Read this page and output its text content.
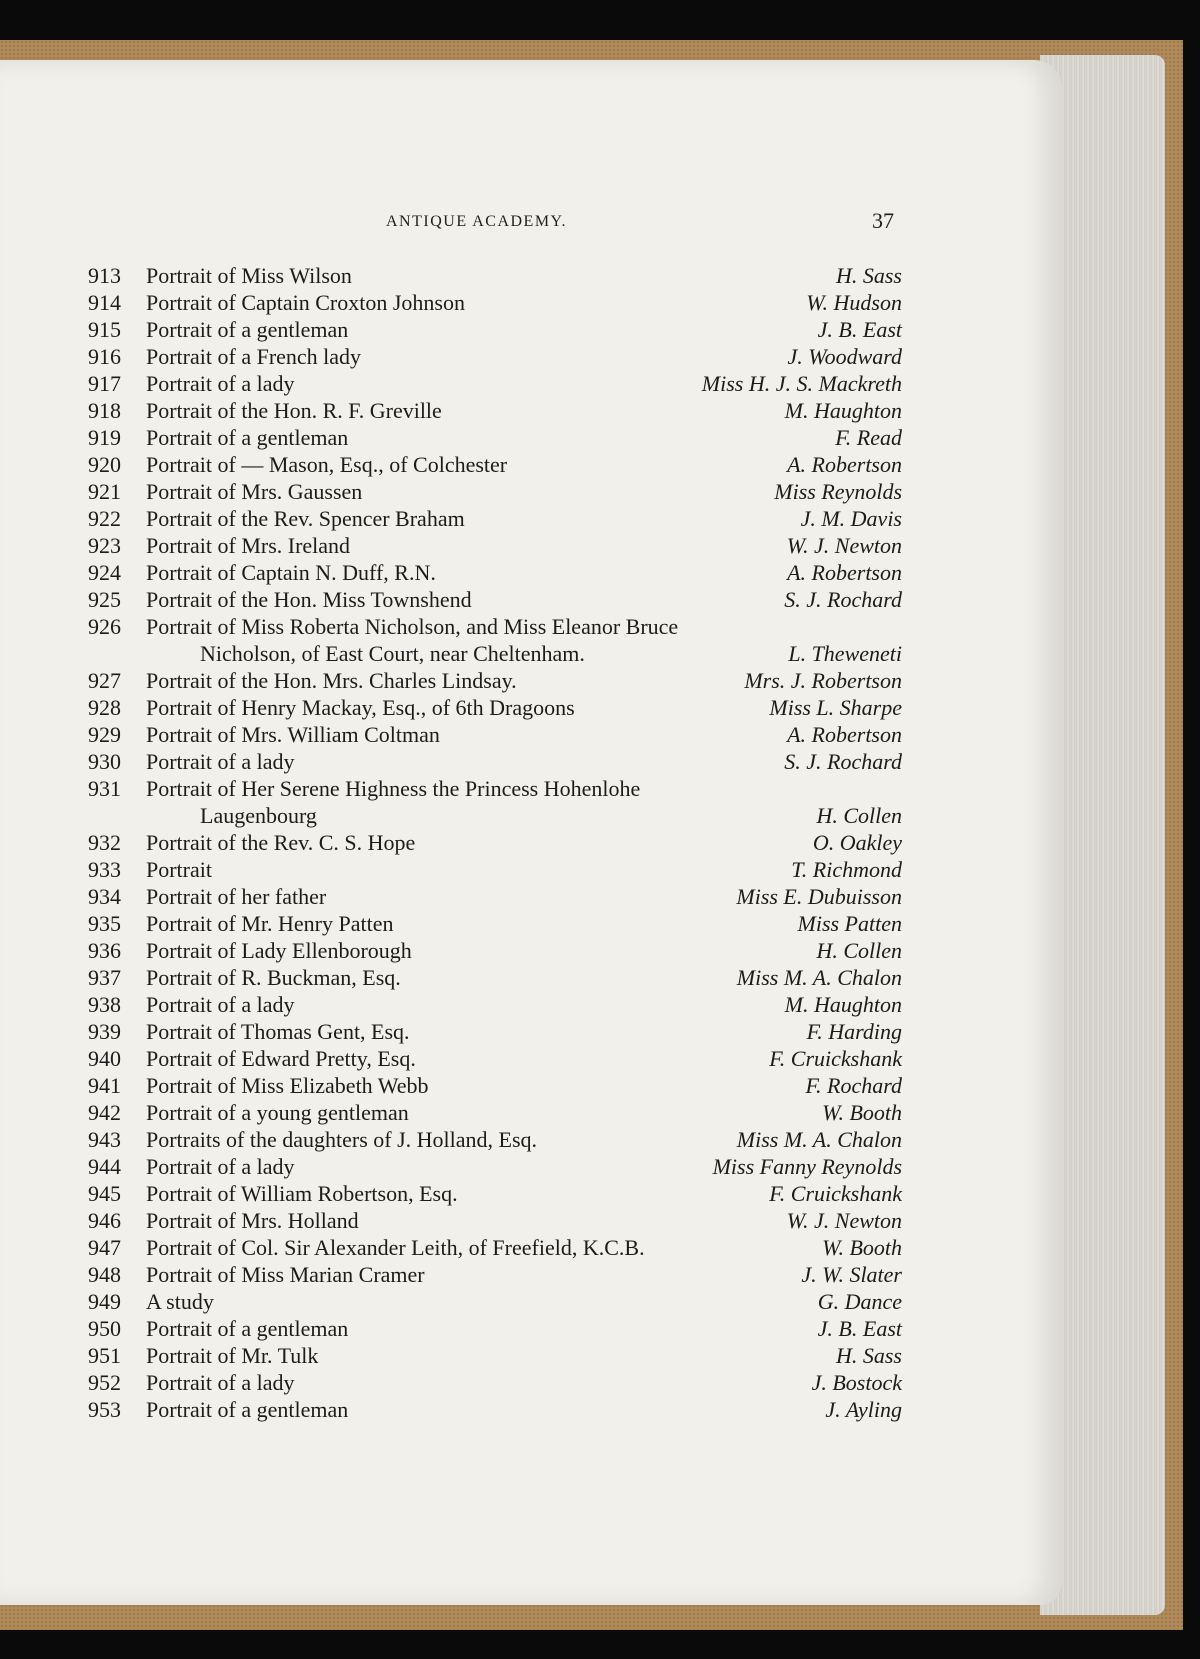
ANTIQUE ACADEMY.	37
913 Portrait of Miss Wilson	H. Sass
914 Portrait of Captain Croxton Johnson	W. Hudson
915 Portrait of a gentleman	J. B. East
916 Portrait of a French lady	J. Woodward
917 Portrait of a lady	Miss H. J. S. Mackreth
918 Portrait of the Hon. R. F. Greville	M. Haughton
919 Portrait of a gentleman	F. Read
920 Portrait of — Mason, Esq., of Colchester	A. Robertson
921 Portrait of Mrs. Gaussen	Miss Reynolds
922 Portrait of the Rev. Spencer Braham	J. M. Davis
923 Portrait of Mrs. Ireland	W. J. Newton
924 Portrait of Captain N. Duff, R.N.	A. Robertson
925 Portrait of the Hon. Miss Townshend	S. J. Rochard
926 Portrait of Miss Roberta Nicholson, and Miss Eleanor Bruce
Nicholson, of East Court, near Cheltenham.	L. Theweneti
927 Portrait of the Hon. Mrs. Charles Lindsay.	Mrs. J. Robertson
928 Portrait of Henry Mackay, Esq., of 6th Dragoons	Miss L. Sharpe
929 Portrait of Mrs. William Coltman	A. Robertson
930 Portrait of a lady	S. J. Rochard
931 Portrait of Her Serene Highness the Princess Hohenlohe
Laugenbourg	H. Collen
932 Portrait of the Rev. C. S. Hope	O. Oakley
933 Portrait	T. Richmond
934 Portrait of her father	Miss E. Dubuisson
935 Portrait of Mr. Henry Patten	Miss Patten
936 Portrait of Lady Ellenborough	H. Collen
937 Portrait of R. Buckman, Esq.	Miss M. A. Chalon
938 Portrait of a lady	M. Haughton
939 Portrait of Thomas Gent, Esq.	F. Harding
940 Portrait of Edward Pretty, Esq.	F. Cruickshank
941 Portrait of Miss Elizabeth Webb	F. Rochard
942 Portrait of a young gentleman	W. Booth
943 Portraits of the daughters of J. Holland, Esq.	Miss M. A. Chalon
944 Portrait of a lady	Miss Fanny Reynolds
945 Portrait of William Robertson, Esq.	F. Cruickshank
946 Portrait of Mrs. Holland	W. J. Newton
947 Portrait of Col. Sir Alexander Leith, of Freefield, K.C.B.	W. Booth
948 Portrait of Miss Marian Cramer	J. W. Slater
949 A study	G. Dance
950 Portrait of a gentleman	J. B. East
951 Portrait of Mr. Tulk	H. Sass
952 Portrait of a lady	J. Bostock
953 Portrait of a gentleman	J. Ayling
